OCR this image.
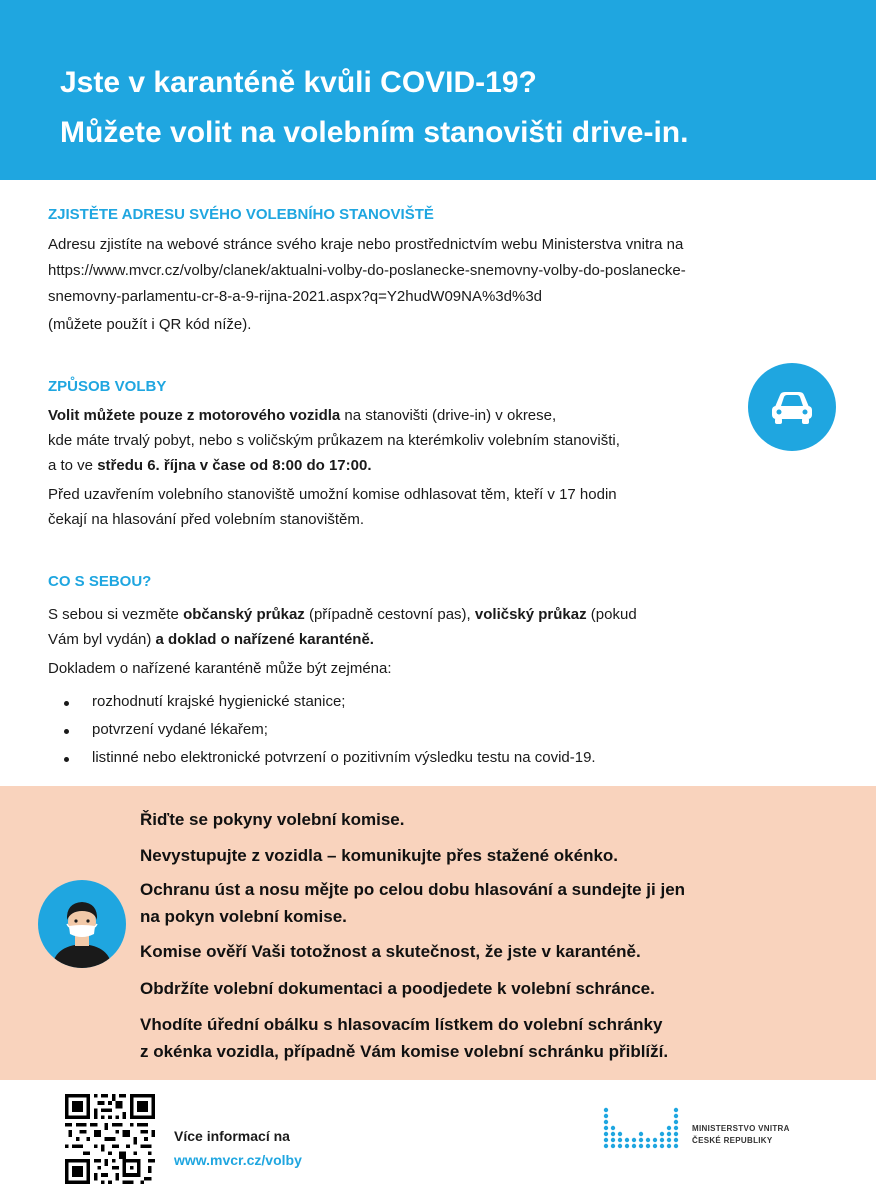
Jste v karanténě kvůli COVID-19?
Můžete volit na volebním stanovišti drive-in.
ZJISTĚTE ADRESU SVÉHO VOLEBNÍHO STANOVIŠTĚ
Adresu zjistíte na webové stránce svého kraje nebo prostřednictvím webu Ministerstva vnitra na
https://www.mvcr.cz/volby/clanek/aktualni-volby-do-poslanecke-snemovny-volby-do-poslanecke-
snemovny-parlamentu-cr-8-a-9-rijna-2021.aspx?q=Y2hudW09NA%3d%3d
(můžete použít i QR kód níže).
ZPŮSOB VOLBY
Volit můžete pouze z motorového vozidla na stanovišti (drive-in) v okrese,
kde máte trvalý pobyt, nebo s voličským průkazem na kterémkoliv volebním stanovišti,
a to ve středu 6. října v čase od 8:00 do 17:00.
Před uzavřením volebního stanoviště umožní komise odhlasovat těm, kteří v 17 hodin
čekají na hlasování před volebním stanovištěm.
CO S SEBOU?
S sebou si vezměte občanský průkaz (případně cestovní pas), voličský průkaz (pokud
Vám byl vydán) a doklad o nařízené karanténě.
Dokladem o nařízené karanténě může být zejména:
rozhodnutí krajské hygienické stanice;
potvrzení vydané lékařem;
listinné nebo elektronické potvrzení o pozitivním výsledku testu na covid-19.
Řiďte se pokyny volební komise.
Nevystupujte z vozidla – komunikujte přes stažené okénko.
Ochranu úst a nosu mějte po celou dobu hlasování a sundejte ji jen
na pokyn volební komise.
Komise ověří Vaši totožnost a skutečnost, že jste v karanténě.
Obdržíte volební dokumentaci a poodjedete k volební schránce.
Vhodíte úřední obálku s hlasovacím lístkem do volební schránky
z okénka vozidla, případně Vám komise volební schránku přiblíží.
Více informací na
www.mvcr.cz/volby
MINISTERSTVO VNITRA
ČESKÉ REPUBLIKY
